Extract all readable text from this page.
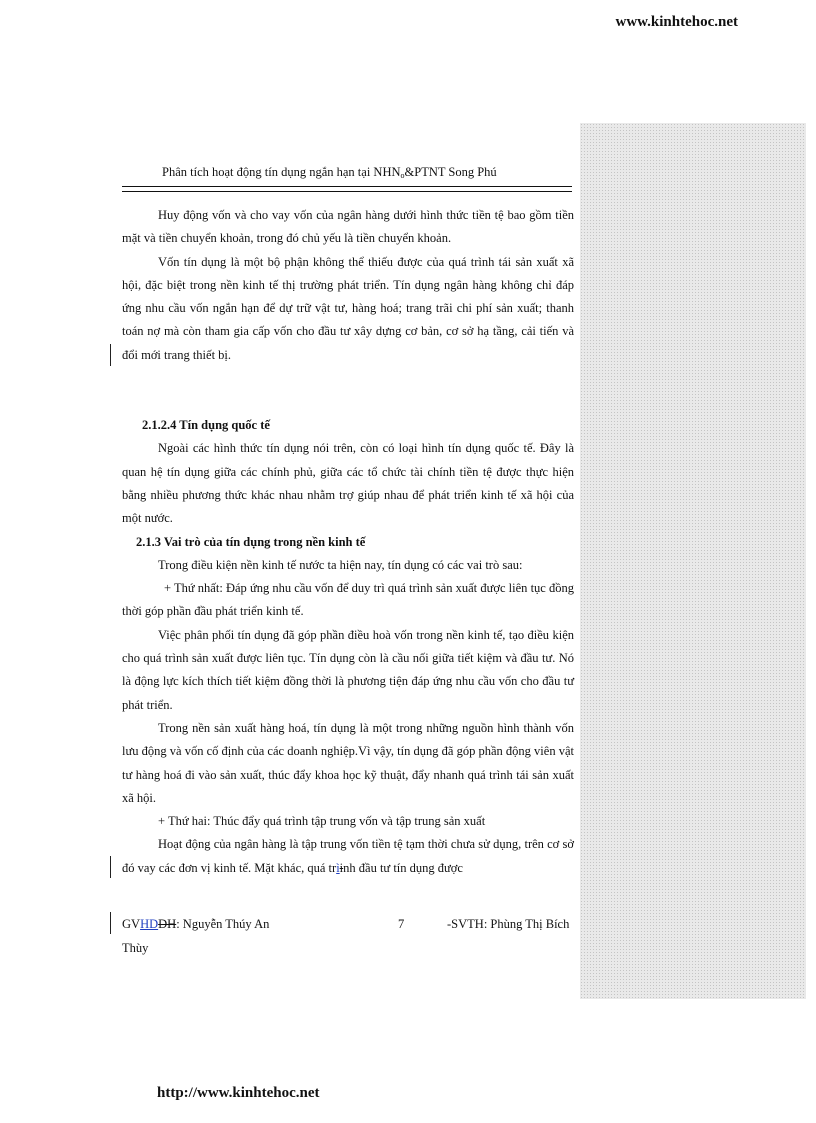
www.kinhtehoc.net
Phân tích hoạt động tín dụng ngắn hạn tại $NHN_o\&PTNT$ Song Phú

Huy động vốn và cho vay vốn của ngân hàng dưới hình thức tiền tệ bao gồm tiền mặt và tiền chuyển khoản, trong đó chủ yếu là tiền chuyển khoản.

Vốn tín dụng là một bộ phận không thể thiếu được của quá trình tái sản xuất xã hội, đặc biệt trong nền kinh tế thị trường phát triển. Tín dụng ngân hàng không chỉ đáp ứng nhu cầu vốn ngắn hạn để dự trữ vật tư, hàng hoá; trang trãi chi phí sản xuất; thanh toán nợ mà còn tham gia cấp vốn cho đầu tư xây dựng cơ bản, cơ sở hạ tầng, cải tiến và đổi mới trang thiết bị.

2.1.2.4 Tín dụng quốc tế

Ngoài các hình thức tín dụng nói trên, còn có loại hình tín dụng quốc tế. Đây là quan hệ tín dụng giữa các chính phủ, giữa các tổ chức tài chính tiền tệ được thực hiện bằng nhiều phương thức khác nhau nhằm trợ giúp nhau để phát triển kinh tế xã hội của một nước.

2.1.3 Vai trò của tín dụng trong nền kinh tế

Trong điều kiện nền kinh tế nước ta hiện nay, tín dụng có các vai trò sau:

+ Thứ nhất: Đáp ứng nhu cầu vốn để duy trì quá trình sản xuất được liên tục đồng thời góp phần đầu phát triển kinh tế.

Việc phân phối tín dụng đã góp phần điều hoà vốn trong nền kinh tế, tạo điều kiện cho quá trình sản xuất được liên tục. Tín dụng còn là cầu nối giữa tiết kiệm và đầu tư. Nó là động lực kích thích tiết kiệm đồng thời là phương tiện đáp ứng nhu cầu vốn cho đầu tư phát triển.

Trong nền sản xuất hàng hoá, tín dụng là một trong những nguồn hình thành vốn lưu động và vốn cố định của các doanh nghiệp.Vì vậy, tín dụng đã góp phần động viên vật tư hàng hoá đi vào sản xuất, thúc đẩy khoa học kỹ thuật, đẩy nhanh quá trình tái sản xuất xã hội.

+ Thứ hai: Thúc đẩy quá trình tập trung vốn và tập trung sản xuất

Hoạt động của ngân hàng là tập trung vốn tiền tệ tạm thời chưa sử dụng, trên cơ sở đó vay các đơn vị kinh tế. Mặt khác, quá trìinh đầu tư tín dụng được

GVHDDH: Nguyễn Thúy An	7	-SVTH: Phùng Thị Bích
Thùy
http://www.kinhtehoc.net
